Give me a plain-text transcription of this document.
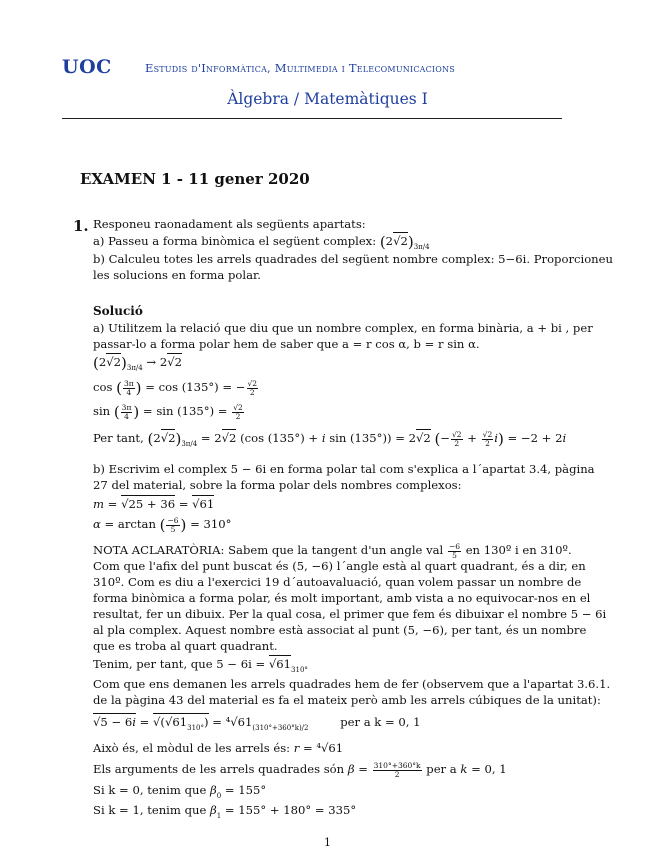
UOC	Estudis d'Informàtica, Multimedia i Telecomunicacions
Àlgebra / Matemàtiques I
EXAMEN 1 - 11 gener 2020
1. Responeu raonadament als següents apartats:
a) Passeu a forma binòmica el següent complex: $(2√2)_{3\pi/4}$
b) Calculeu totes les arrels quadrades del següent nombre complex: 5−6i. Proporcioneu
les solucions en forma polar.
Solució
a) Utilitzem la relació que diu que un nombre complex, en forma binària, a + bi , per
passar-lo a forma polar hem de saber que a = r cos α, b = r sin α.
$(2√2)_{3\pi/4} \to 2√2$
cos ( $\frac{3\pi}{4}$ ) = cos (135°) = − $\frac{√2}{2}$
sin ( $\frac{3\pi}{4}$ ) = $\sin (135^\circ) = \frac{√2}{2}$
Per tant, $(2√2)_{3\pi/4} = 2√2$ (cos (135°) + i sin (135°)) = 2√2 (− $\frac{√2}{2} + \frac{√2}{2} i) = -2 + 2i$
b) Escrivim el complex 5 − 6i en forma polar tal com s'explica a l´apartat 3.4, pàgina
27 del material, sobre la forma polar dels nombres complexos:
m = √25 + 36 = √61
α = arctan ( $\frac{-6}{5}$ ) = 310°
NOTA ACLARATÒRIA: Sabem que la tangent d'un angle val $\frac{-6}{5}$ en 130º i en 310º.
Com que l'afix del punt buscat és (5, −6) l´angle està al quart quadrant, és a dir, en
310º. Com es diu a l'exercici 19 d´autoavaluació, quan volem passar un nombre de
forma binòmica a forma polar, és molt important, amb vista a no equivocar-nos en el
resultat, fer un dibuix. Per la qual cosa, el primer que fem és dibuixar el nombre 5 − 6i
al pla complex. Aquest nombre està associat al punt (5, −6), per tant, és un nombre
que es troba al quart quadrant.
Tenim, per tant, que $5 - 6i = √61_{310^\circ}$
Com que ens demanen les arrels quadrades hem de fer (observem que a l'apartat 3.6.1.
de la pàgina 43 del material es fa el mateix però amb les arrels cúbiques de la unitat):
$√5 - 6i = √(√61_{310^\circ}) = ^4√61_{(310^\circ+360^\circ k)/2}$	per a k = 0, 1
Això és, el mòdul de les arrels és: r = ⁴√61
Els arguments de les arrels quadrades són $\beta = \frac{310^\circ+360^\circ k}{2}$ per a k = 0, 1
Si k = 0, tenim que $\beta_0 = 155^\circ$
Si k = 1, tenim que $\beta_1 = 155^\circ + 180^\circ = 335^\circ$
1
